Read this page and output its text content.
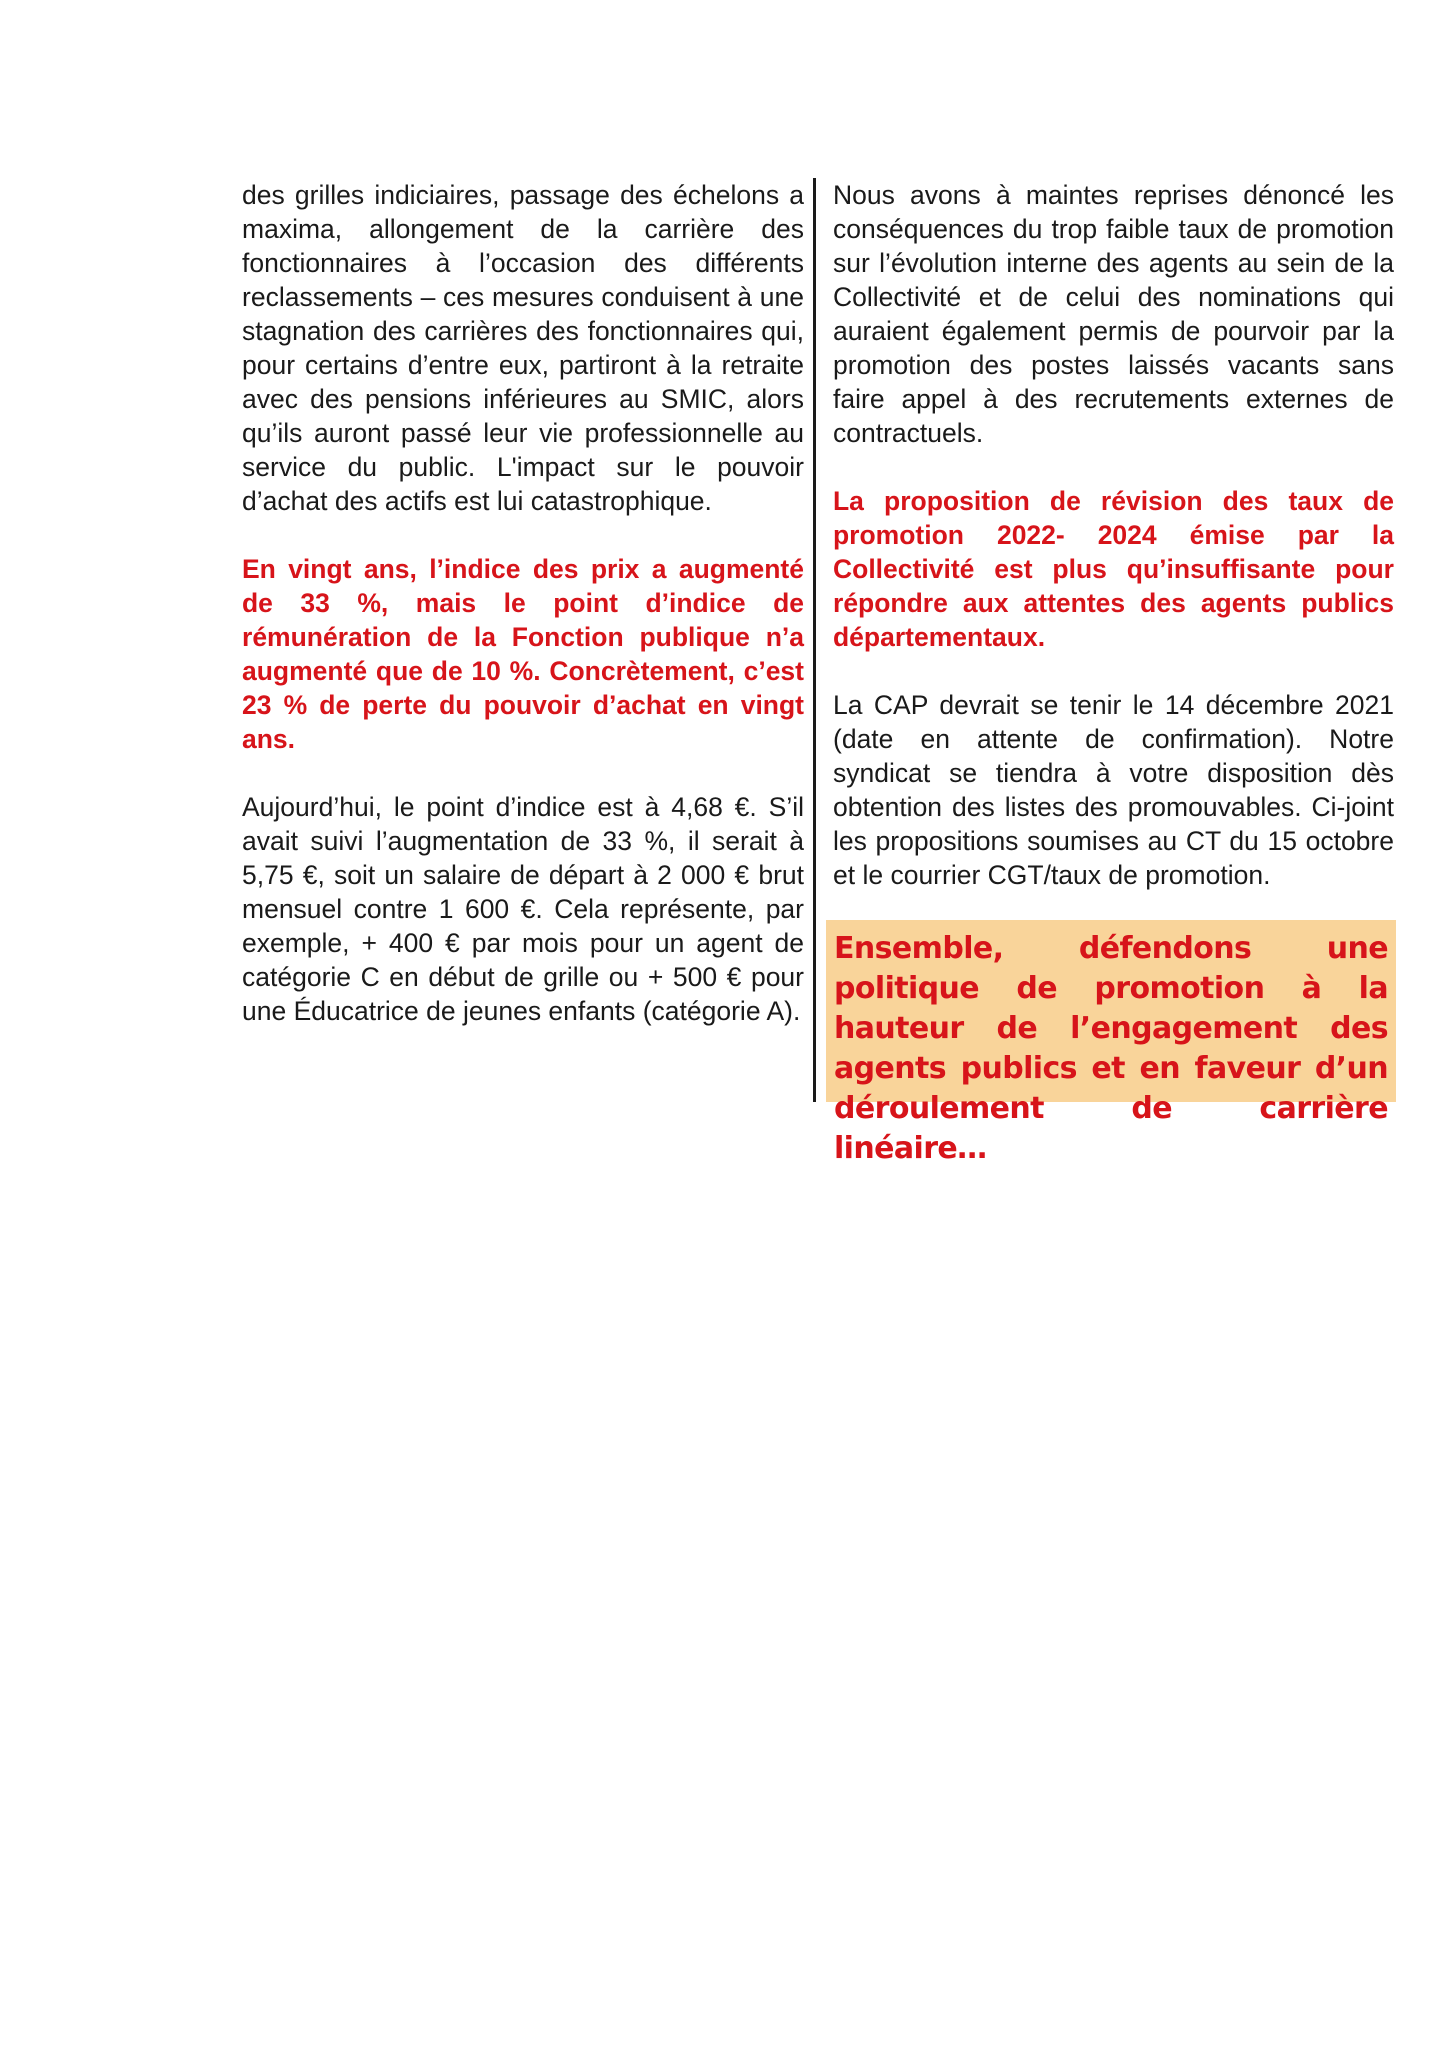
des grilles indiciaires, passage des échelons a maxima, allongement de la carrière des fonctionnaires à l’occasion des différents reclassements – ces mesures conduisent à une stagnation des carrières des fonctionnaires qui, pour certains d’entre eux, partiront à la retraite avec des pensions inférieures au SMIC, alors qu’ils auront passé leur vie professionnelle au service du public. L'impact sur le pouvoir d’achat des actifs est lui catastrophique.

En vingt ans, l’indice des prix a augmenté de 33 %, mais le point d’indice de rémunération de la Fonction publique n’a augmenté que de 10 %. Concrètement, c’est 23 % de perte du pouvoir d’achat en vingt ans.

Aujourd’hui, le point d’indice est à 4,68 €. S’il avait suivi l’augmentation de 33 %, il serait à 5,75 €, soit un salaire de départ à 2 000 € brut mensuel contre 1 600 €. Cela représente, par exemple, + 400 € par mois pour un agent de catégorie C en début de grille ou + 500 € pour une Éducatrice de jeunes enfants (catégorie A).

Nous avons à maintes reprises dénoncé les conséquences du trop faible taux de promotion sur l’évolution interne des agents au sein de la Collectivité et de celui des nominations qui auraient également permis de pourvoir par la promotion des postes laissés vacants sans faire appel à des recrutements externes de contractuels.

La proposition de révision des taux de promotion 2022- 2024 émise par la Collectivité est plus qu’insuffisante pour répondre aux attentes des agents publics départementaux.

La CAP devrait se tenir le 14 décembre 2021 (date en attente de confirmation). Notre syndicat se tiendra à votre disposition dès obtention des listes des promouvables. Ci-joint les propositions soumises au CT du 15 octobre et le courrier CGT/taux de promotion.

Ensemble, défendons une politique de promotion à la hauteur de l’engagement des agents publics et en faveur d’un déroulement de carrière linéaire…
